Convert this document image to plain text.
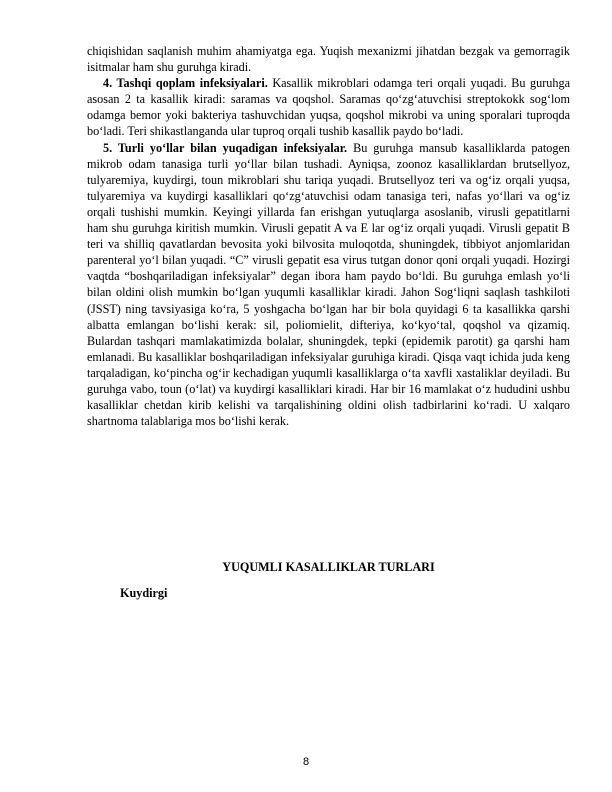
chiqishidan saqlanish muhim ahamiyatga ega. Yuqish mexanizmi jihatdan bezgak va gemorragik isitmalar ham shu guruhga kiradi.

4. Tashqi qoplam infeksiyalari. Kasallik mikroblari odamga teri orqali yuqadi. Bu guruhga asosan 2 ta kasallik kiradi: saramas va qoqshol. Saramas qo‘zg‘atuvchisi streptokokk sog‘lom odamga bemor yoki bakteriya tashuvchidan yuqsa, qoqshol mikrobi va uning sporalari tuproqda bo‘ladi. Teri shikastlanganda ular tuproq orqali tushib kasallik paydo bo‘ladi.

5. Turli yo‘llar bilan yuqadigan infeksiyalar. Bu guruhga mansub kasalliklarda patogen mikrob odam tanasiga turli yo‘llar bilan tushadi. Ayniqsa, zoonoz kasalliklardan brutsellyoz, tulyaremiya, kuydirgi, toun mikroblari shu tariqa yuqadi. Brutsellyoz teri va og‘iz orqali yuqsa, tulyaremiya va kuydirgi kasalliklari qo‘zg‘atuvchisi odam tanasiga teri, nafas yo‘llari va og‘iz orqali tushishi mumkin. Keyingi yillarda fan erishgan yutuqlarga asoslanib, virusli gepatitlarni ham shu guruhga kiritish mumkin. Virusli gepatit A va E lar og‘iz orqali yuqadi. Virusli gepatit B teri va shilliq qavatlardan bevosita yoki bilvosita muloqotda, shuningdek, tibbiyot anjomlaridan parenteral yo‘l bilan yuqadi. “C” virusli gepatit esa virus tutgan donor qoni orqali yuqadi. Hozirgi vaqtda “boshqariladigan infeksiyalar” degan ibora ham paydo bo‘ldi. Bu guruhga emlash yo‘li bilan oldini olish mumkin bo‘lgan yuqumli kasalliklar kiradi. Jahon Sog‘liqni saqlash tashkiloti (JSST) ning tavsiyasiga ko‘ra, 5 yoshgacha bo‘lgan har bir bola quyidagi 6 ta kasallikka qarshi albatta emlangan bo‘lishi kerak: sil, poliomielit, difteriya, ko‘kyo‘tal, qoqshol va qizamiq. Bulardan tashqari mamlakatimizda bolalar, shuningdek, tepki (epidemik parotit) ga qarshi ham emlanadi. Bu kasalliklar boshqariladigan infeksiyalar guruhiga kiradi. Qisqa vaqt ichida juda keng tarqaladigan, ko‘pincha og‘ir kechadigan yuqumli kasalliklarga o‘ta xavfli xastaliklar deyiladi. Bu guruhga vabo, toun (o‘lat) va kuydirgi kasalliklari kiradi. Har bir 16 mamlakat o‘z hududini ushbu kasalliklar chetdan kirib kelishi va tarqalishining oldini olish tadbirlarini ko‘radi. U xalqaro shartnoma talablariga mos bo‘lishi kerak.

YUQUMLI KASALLIKLAR TURLARI
Kuydirgi
8
